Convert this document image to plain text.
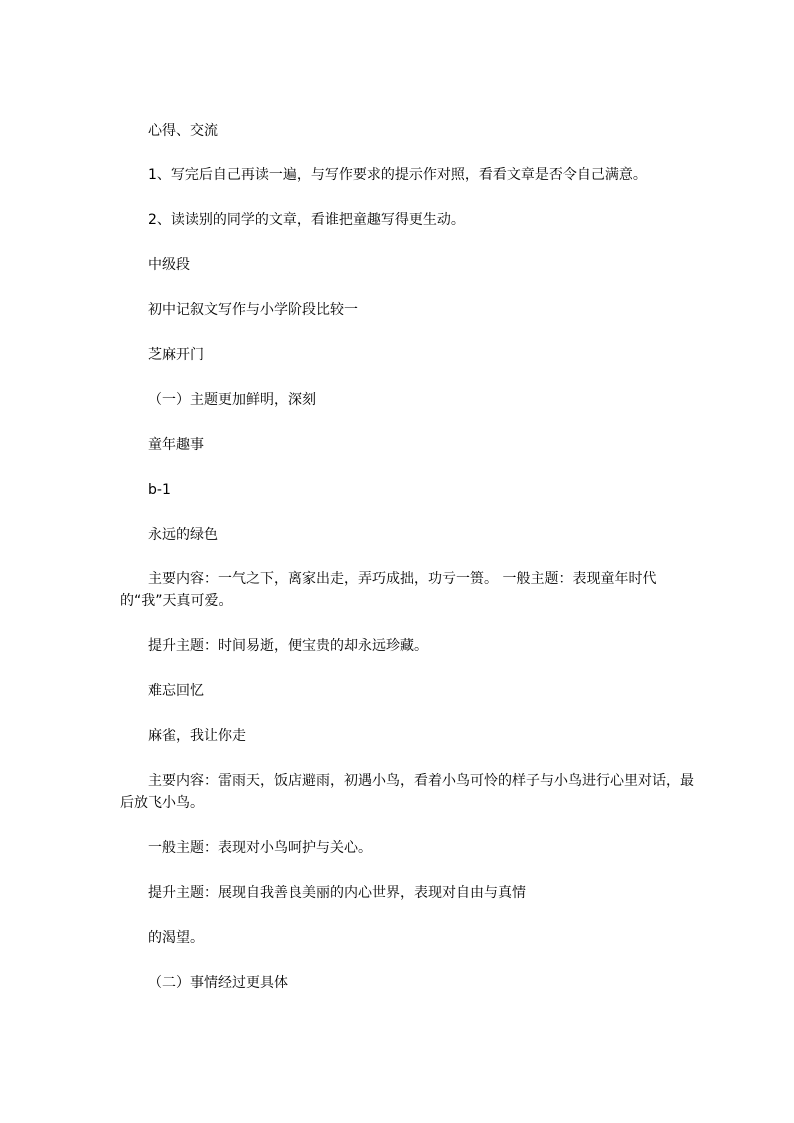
心得、交流

1、写完后自己再读一遍，与写作要求的提示作对照，看看文章是否令自己满意。

2、读读别的同学的文章，看谁把童趣写得更生动。

中级段

初中记叙文写作与小学阶段比较一

芝麻开门

（一）主题更加鲜明，深刻

童年趣事

b-1

永远的绿色

主要内容：一气之下，离家出走，弄巧成拙，功亏一篑。 一般主题：表现童年时代的“我”天真可爱。

提升主题：时间易逝，便宝贵的却永远珍藏。

难忘回忆

麻雀，我让你走

主要内容：雷雨天，饭店避雨，初遇小鸟，看着小鸟可怜的样子与小鸟进行心里对话，最后放飞小鸟。

一般主题：表现对小鸟呵护与关心。

提升主题：展现自我善良美丽的内心世界，表现对自由与真情

的渴望。

（二）事情经过更具体
